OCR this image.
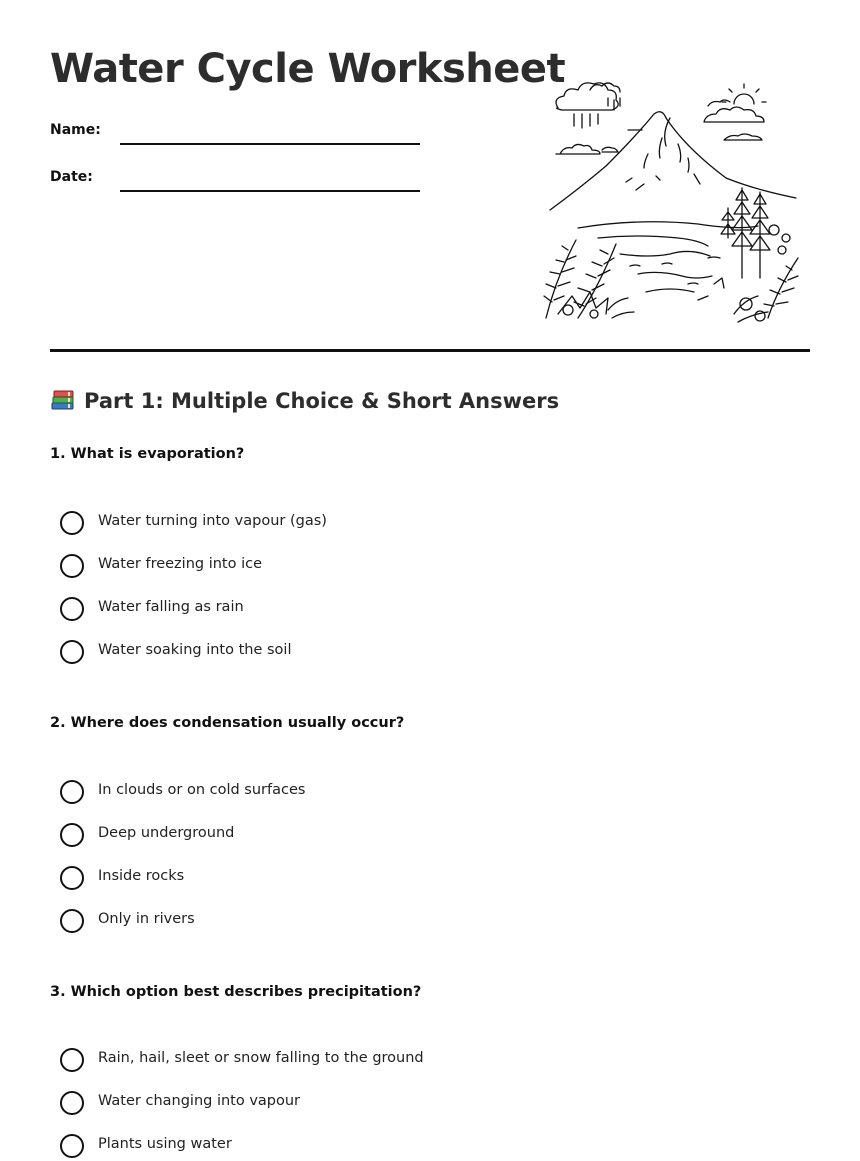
Water Cycle Worksheet
Name:
Date:
Part 1: Multiple Choice & Short Answers
1. What is evaporation?
Water turning into vapour (gas)
Water freezing into ice
Water falling as rain
Water soaking into the soil
2. Where does condensation usually occur?
In clouds or on cold surfaces
Deep underground
Inside rocks
Only in rivers
3. Which option best describes precipitation?
Rain, hail, sleet or snow falling to the ground
Water changing into vapour
Plants using water
